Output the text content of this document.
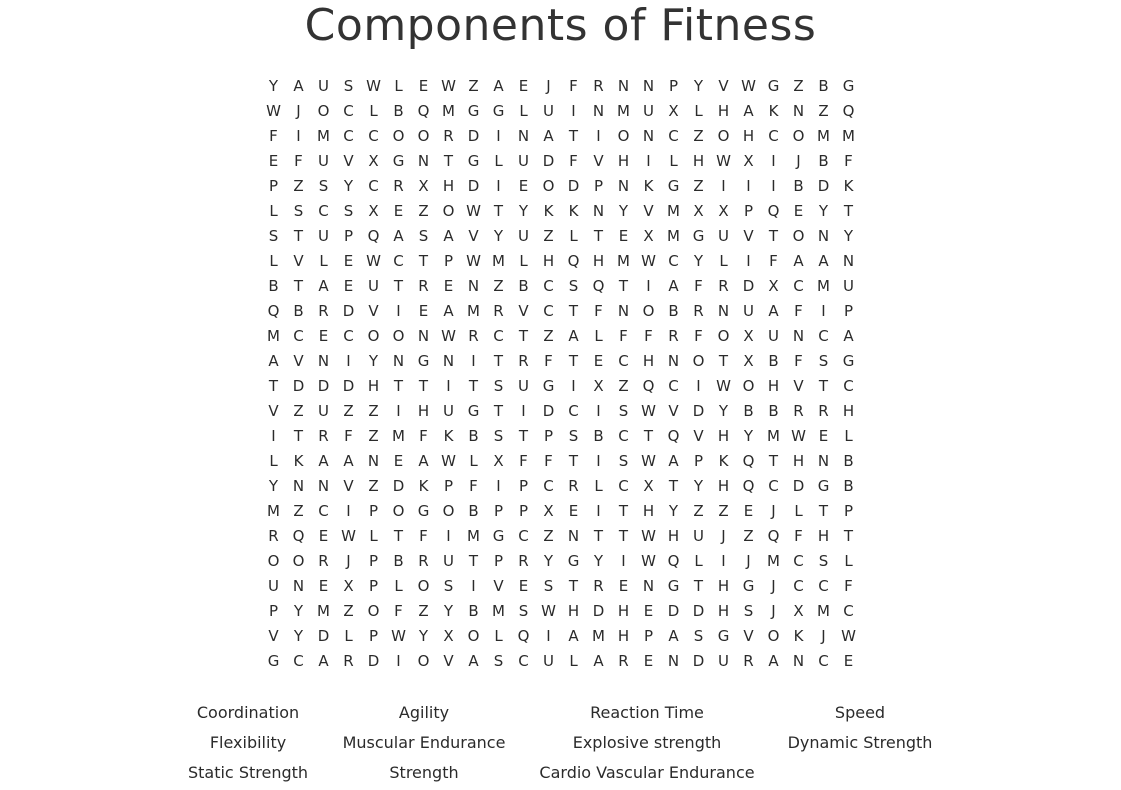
Components of Fitness
Y	A U S W L	E W Z A	E	J	F	R N N P	Y	V W G Z B G
W	J	O C	L	B Q M G G	L	U	I	N M U X	L	H A K N Z Q
F	I	M C C O O R D	I	N A	T	I	O N C Z O H C O M M
E	F	U V X G N T G	L	U D F	V H	I	L	H W X	I	J	B	F
P	Z	S	Y	C R X H D	I	E O D P N K G Z	I	I	I	B D K
L	S C	S	X	E	Z O W T	Y	K	K N Y	V M X X	P Q E	Y	T
S	T U P Q A	S	A V	Y U Z	L	T	E	X M G U V	T O N Y
L	V	L	E W C	T	P W M L	H Q H M W C	Y	L	I	F	A A N
B	T	A	E U T	R	E N Z B C	S Q T	I	A	F	R D X C M U
Q B R D V	I	E	A M R V C	T	F	N O B R N U A	F	I	P
M C	E	C O O N W R C	T	Z A	L	F	F	R	F O X U N C A
A V N	I	Y N G N	I	T	R	F	T	E	C H N O T	X B	F	S G
T D D D H T	T	I	T	S U G	I	X Z Q C	I	W O H V	T	C
V Z U Z Z	I	H U G T	I	D C	I	S W V D Y	B B R R H
I	T	R	F	Z M F	K B	S	T	P	S	B C	T Q V H Y M W E	L
L	K A A N E	A W L	X	F	F	T	I	S W A	P	K Q T H N B
Y N N V Z D K	P	F	I	P	C R	L	C X	T	Y H Q C D G B
M Z C	I	P O G O B	P	P	X	E	I	T H Y	Z Z	E	J	L	T	P
R Q E W L	T	F	I	M G C Z N T	T W H U	J	Z Q F	H T
O O R	J	P	B R U T	P	R	Y G Y	I	W Q L	I	J	M C	S	L
U N E	X	P	L O S	I	V	E	S	T	R	E N G T H G	J	C C	F
P	Y M Z O F	Z	Y	B M S W H D H E D D H S	J	X M C
V	Y D	L	P W Y	X O L Q	I	A M H P	A	S G V O K	J	W
G C A R D	I	O V A	S C U	L	A R	E N D U R A N C	E
Coordination	Agility	Reaction Time	Speed
Flexibility	Muscular Endurance	Explosive strength	Dynamic Strength
Static Strength	Strength	Cardio Vascular Endurance
